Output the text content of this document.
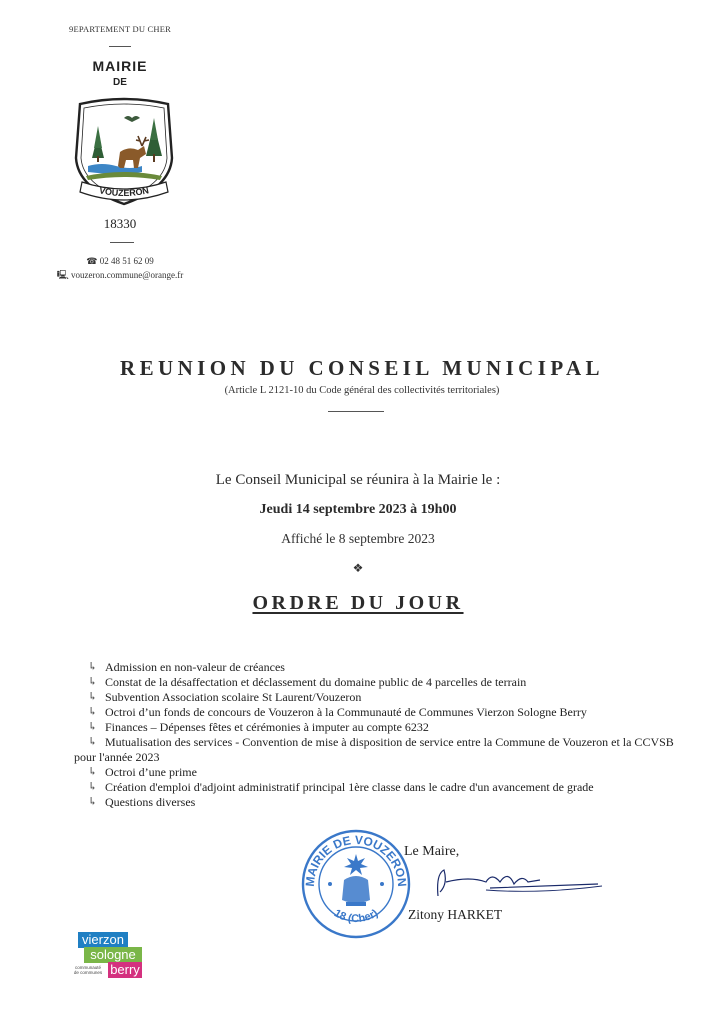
9EPARTEMENT DU CHER
MAIRIE
DE
VOUZERON
18330
☎ 02 48 51 62 09
🖳 vouzeron.commune@orange.fr
REUNION DU CONSEIL MUNICIPAL
(Article L 2121-10 du Code général des collectivités territoriales)
Le Conseil Municipal se réunira à la Mairie le :
Jeudi 14 septembre 2023 à 19h00
Affiché le 8 septembre 2023
❖
ORDRE DU JOUR
↳ Admission en non-valeur de créances
↳ Constat de la désaffectation et déclassement du domaine public de 4 parcelles de terrain
↳ Subvention Association scolaire St Laurent/Vouzeron
↳ Octroi d’un fonds de concours de Vouzeron à la Communauté de Communes Vierzon Sologne Berry
↳ Finances – Dépenses fêtes et cérémonies à imputer au compte 6232
↳ Mutualisation des services - Convention de mise à disposition de service entre la Commune de Vouzeron et la CCVSB pour l'année 2023
↳ Octroi d’une prime
↳ Création d'emploi d'adjoint administratif principal 1ère classe dans le cadre d'un avancement de grade
↳ Questions diverses
MAIRIE DE VOUZERON
18 (Cher)
Le Maire,
Zitony HARKET
vierzon
sologne
berry
communauté
de communes
